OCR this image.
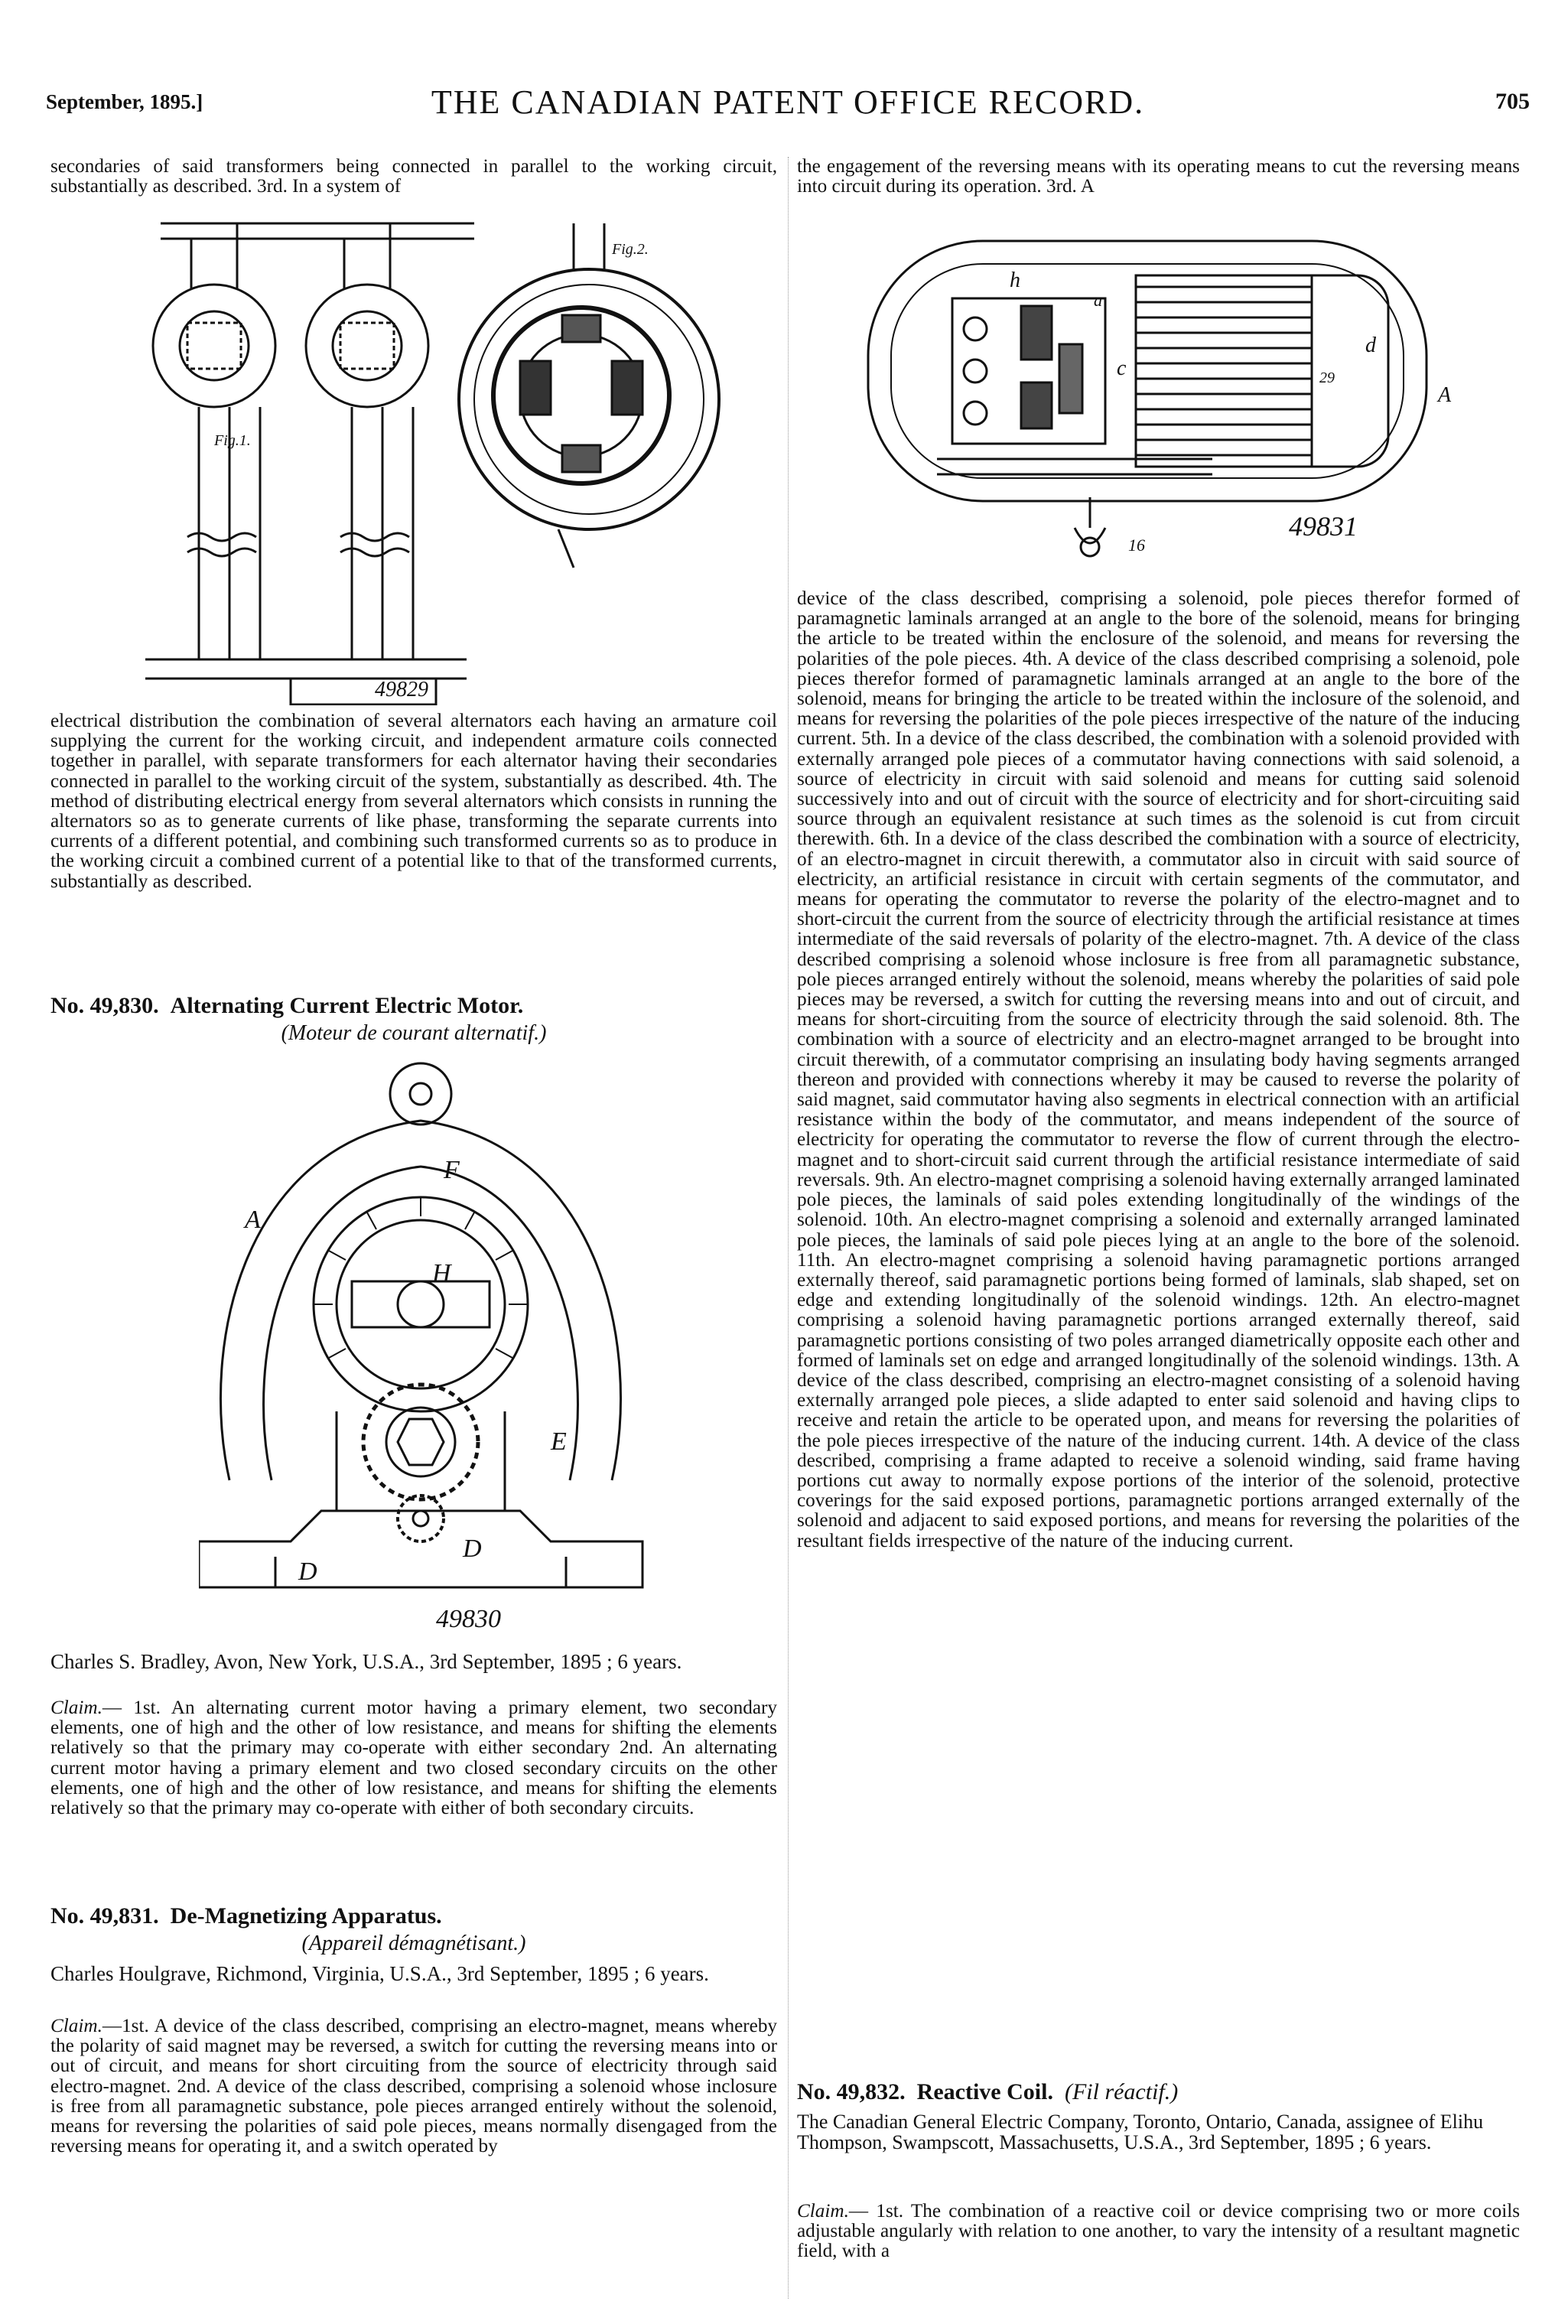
September, 1895.]	THE CANADIAN PATENT OFFICE RECORD.	705

secondaries of said transformers being connected in parallel to the working circuit, substantially as described. 3rd. In a system of

49829
Fig.1.
Fig.2.

electrical distribution the combination of several alternators each having an armature coil supplying the current for the working circuit, and independent armature coils connected together in parallel, with separate transformers for each alternator having their secondaries connected in parallel to the working circuit of the system, substantially as described. 4th. The method of distributing electrical energy from several alternators which consists in running the alternators so as to generate currents of like phase, transforming the separate currents into currents of a different potential, and combining such transformed currents so as to produce in the working circuit a combined current of a potential like to that of the transformed currents, substantially as described.

No. 49,830. Alternating Current Electric Motor.
(Moteur de courant alternatif.)
A
F
H
E
D
D
49830
Charles S. Bradley, Avon, New York, U.S.A., 3rd September, 1895 ; 6 years.

Claim.— 1st. An alternating current motor having a primary element, two secondary elements, one of high and the other of low resistance, and means for shifting the elements relatively so that the primary may co-operate with either secondary 2nd. An alternating current motor having a primary element and two closed secondary circuits on the other elements, one of high and the other of low resistance, and means for shifting the elements relatively so that the primary may co-operate with either of both secondary circuits.

No. 49,831. De-Magnetizing Apparatus.
(Appareil démagnétisant.)
Charles Houlgrave, Richmond, Virginia, U.S.A., 3rd September, 1895 ; 6 years.

Claim.—1st. A device of the class described, comprising an electro-magnet, means whereby the polarity of said magnet may be reversed, a switch for cutting the reversing means into or out of circuit, and means for short circuiting from the source of electricity through said electro-magnet. 2nd. A device of the class described, comprising a solenoid whose inclosure is free from all paramagnetic substance, pole pieces arranged entirely without the solenoid, means for reversing the polarities of said pole pieces, means normally disengaged from the reversing means for operating it, and a switch operated by

the engagement of the reversing means with its operating means to cut the reversing means into circuit during its operation. 3rd. A

h
a
c
d
29
A
16
49831

device of the class described, comprising a solenoid, pole pieces therefor formed of paramagnetic laminals arranged at an angle to the bore of the solenoid, means for bringing the article to be treated within the enclosure of the solenoid, and means for reversing the polarities of the pole pieces. 4th. A device of the class described comprising a solenoid, pole pieces therefor formed of paramagnetic laminals arranged at an angle to the bore of the solenoid, means for bringing the article to be treated within the inclosure of the solenoid, and means for reversing the polarities of the pole pieces irrespective of the nature of the inducing current. 5th. In a device of the class described, the combination with a solenoid provided with externally arranged pole pieces of a commutator having connections with said solenoid, a source of electricity in circuit with said solenoid and means for cutting said solenoid successively into and out of circuit with the source of electricity and for short-circuiting said source through an equivalent resistance at such times as the solenoid is cut from circuit therewith. 6th. In a device of the class described the combination with a source of electricity, of an electro-magnet in circuit therewith, a commutator also in circuit with said source of electricity, an artificial resistance in circuit with certain segments of the commutator, and means for operating the commutator to reverse the polarity of the electro-magnet and to short-circuit the current from the source of electricity through the artificial resistance at times intermediate of the said reversals of polarity of the electro-magnet. 7th. A device of the class described comprising a solenoid whose inclosure is free from all paramagnetic substance, pole pieces arranged entirely without the solenoid, means whereby the polarities of said pole pieces may be reversed, a switch for cutting the reversing means into and out of circuit, and means for short-circuiting from the source of electricity through the said solenoid. 8th. The combination with a source of electricity and an electro-magnet arranged to be brought into circuit therewith, of a commutator comprising an insulating body having segments arranged thereon and provided with connections whereby it may be caused to reverse the polarity of said magnet, said commutator having also segments in electrical connection with an artificial resistance within the body of the commutator, and means independent of the source of electricity for operating the commutator to reverse the flow of current through the electro-magnet and to short-circuit said current through the artificial resistance intermediate of said reversals. 9th. An electro-magnet comprising a solenoid having externally arranged laminated pole pieces, the laminals of said poles extending longitudinally of the windings of the solenoid. 10th. An electro-magnet comprising a solenoid and externally arranged laminated pole pieces, the laminals of said pole pieces lying at an angle to the bore of the solenoid. 11th. An electro-magnet comprising a solenoid having paramagnetic portions arranged externally thereof, said paramagnetic portions being formed of laminals, slab shaped, set on edge and extending longitudinally of the solenoid windings. 12th. An electro-magnet comprising a solenoid having paramagnetic portions arranged externally thereof, said paramagnetic portions consisting of two poles arranged diametrically opposite each other and formed of laminals set on edge and arranged longitudinally of the solenoid windings. 13th. A device of the class described, comprising an electro-magnet consisting of a solenoid having externally arranged pole pieces, a slide adapted to enter said solenoid and having clips to receive and retain the article to be operated upon, and means for reversing the polarities of the pole pieces irrespective of the nature of the inducing current. 14th. A device of the class described, comprising a frame adapted to receive a solenoid winding, said frame having portions cut away to normally expose portions of the interior of the solenoid, protective coverings for the said exposed portions, paramagnetic portions arranged externally of the solenoid and adjacent to said exposed portions, and means for reversing the polarities of the resultant fields irrespective of the nature of the inducing current.

No. 49,832. Reactive Coil. (Fil réactif.)
The Canadian General Electric Company, Toronto, Ontario, Canada, assignee of Elihu Thompson, Swampscott, Massachusetts, U.S.A., 3rd September, 1895 ; 6 years.

Claim.— 1st. The combination of a reactive coil or device comprising two or more coils adjustable angularly with relation to one another, to vary the intensity of a resultant magnetic field, with a
